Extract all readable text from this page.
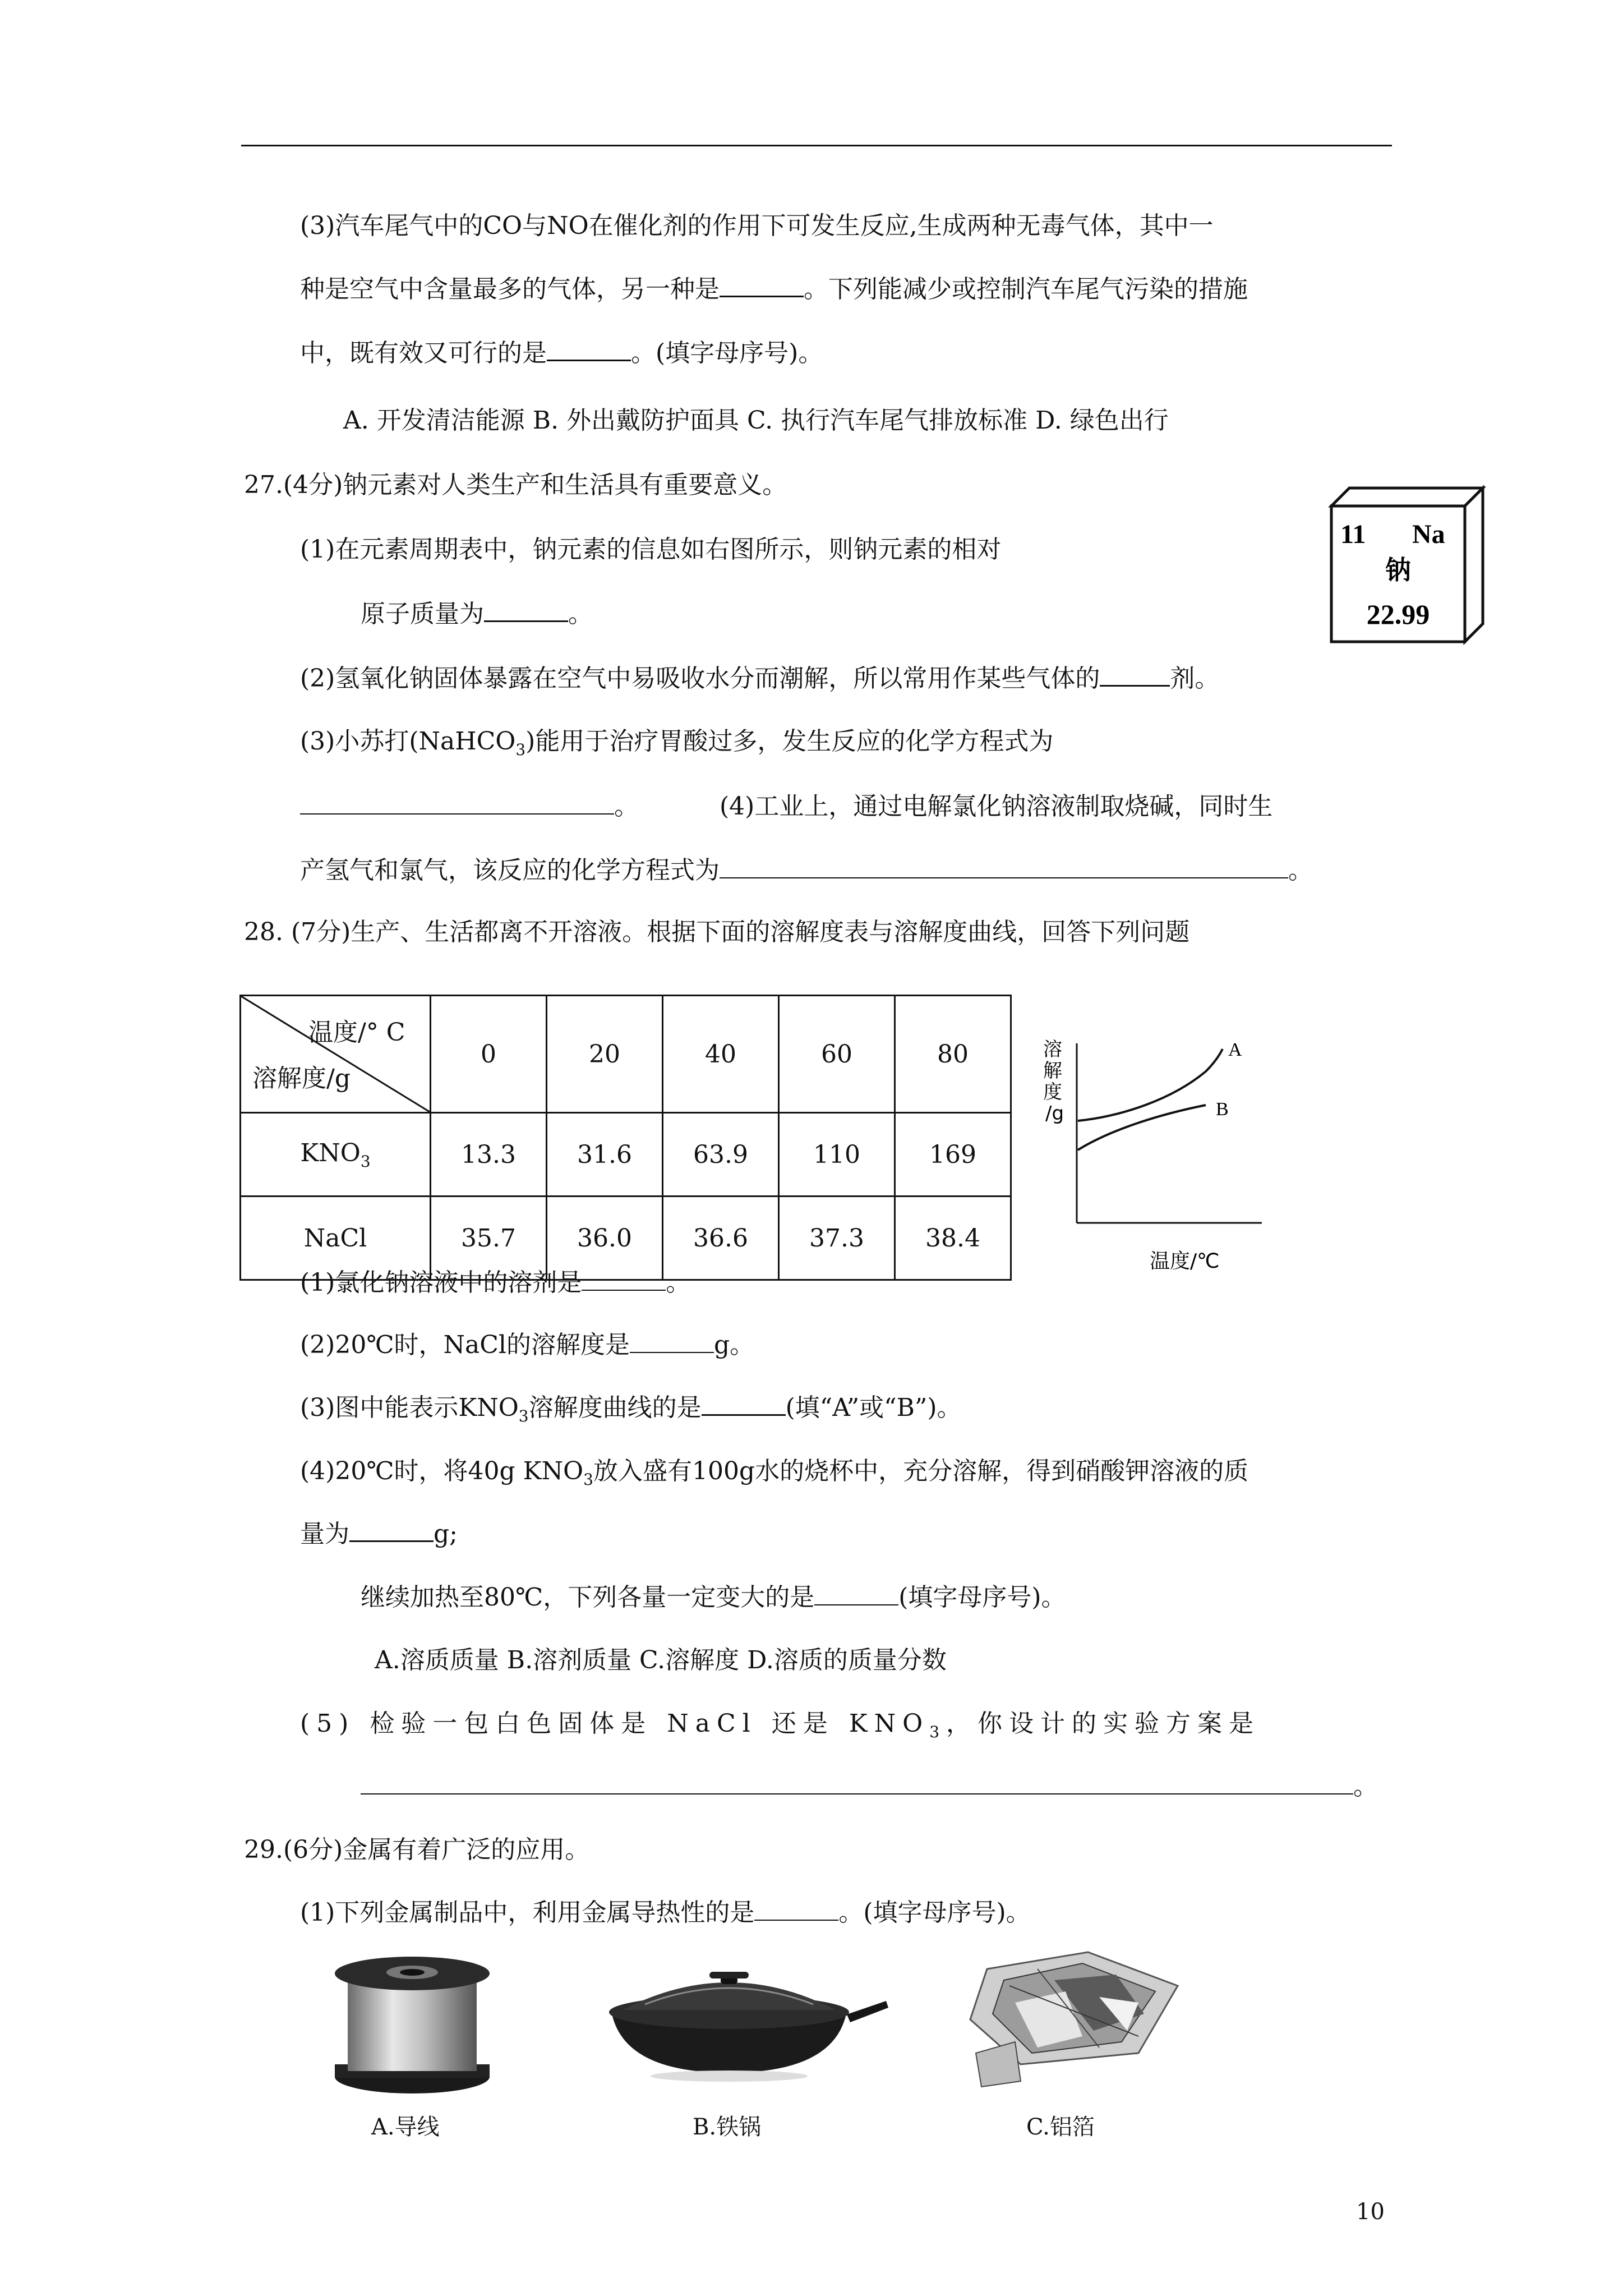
(3)汽车尾气中的CO与NO在催化剂的作用下可发生反应,生成两种无毒气体，其中一
种是空气中含量最多的气体，另一种是	。下列能减少或控制汽车尾气污染的措施
中，既有效又可行的是	。(填字母序号)。
A. 开发清洁能源 B. 外出戴防护面具 C. 执行汽车尾气排放标准 D. 绿色出行
27.(4分)钠元素对人类生产和生活具有重要意义。
(1)在元素周期表中，钠元素的信息如右图所示，则钠元素的相对
原子质量为	。
11 Na
钠
22.99
(2)氢氧化钠固体暴露在空气中易吸收水分而潮解，所以常用作某些气体的	剂。
(3)小苏打(NaHCO$_3$)能用于治疗胃酸过多，发生反应的化学方程式为
。	(4)工业上，通过电解氯化钠溶液制取烧碱，同时生
产氢气和氯气，该反应的化学方程式为	。
28. (7分)生产、生活都离不开溶液。根据下面的溶解度表与溶解度曲线，回答下列问题
温度/° C
溶解度/g	0	20	40	60	80
$KNO_3$	13.3	31.6	63.9	110	169
NaCl	35.7	36.0	36.6	37.3	38.4
A
B
溶
解
度
/g
温度/℃
(1)氯化钠溶液中的溶剂是	。
(2)20℃时，NaCl的溶解度是	g。
(3)图中能表示$KNO_3$溶解度曲线的是	(填“A”或“B”)。
(4)20℃时，将40g $KNO_3$放入盛有100g水的烧杯中，充分溶解，得到硝酸钾溶液的质
量为	g;
继续加热至80℃，下列各量一定变大的是	(填字母序号)。
A.溶质质量 B.溶剂质量 C.溶解度 D.溶质的质量分数
(5) 检验一包白色固体是 NaCl 还是 $KNO_3$，你设计的实验方案是
。
29.(6分)金属有着广泛的应用。
(1)下列金属制品中，利用金属导热性的是	。(填字母序号)。
A.导线	B.铁锅	C.铝箔
10
